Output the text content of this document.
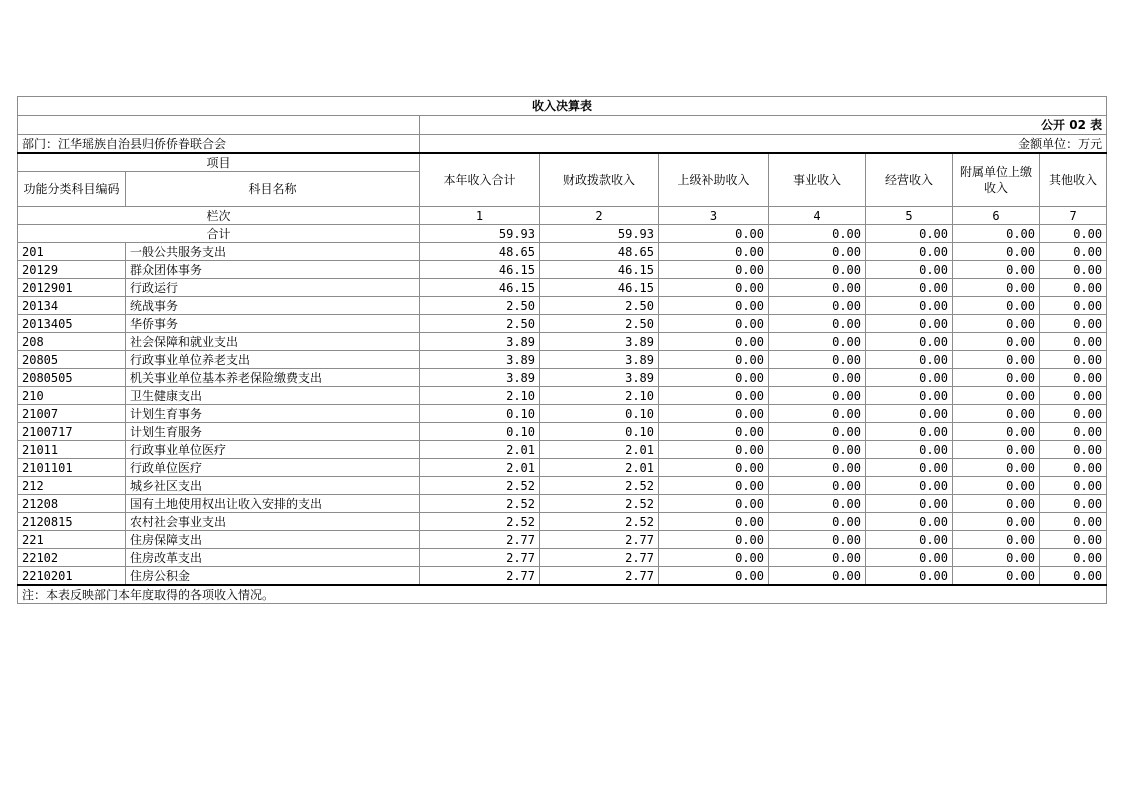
收入决算表								
		公开 02 表						
部门：江华瑶族自治县归侨侨眷联合会		金额单位：万元						
项目		本年收入合计	财政拨款收入	上级补助收入	事业收入	经营收入	附属单位上缴收入	其他收入
功能分类科目编码	科目名称							
栏次		1	2	3	4	5	6	7
合计		59.93	59.93	0.00	0.00	0.00	0.00	0.00
201	一般公共服务支出	48.65	48.65	0.00	0.00	0.00	0.00	0.00
20129	群众团体事务	46.15	46.15	0.00	0.00	0.00	0.00	0.00
2012901	行政运行	46.15	46.15	0.00	0.00	0.00	0.00	0.00
20134	统战事务	2.50	2.50	0.00	0.00	0.00	0.00	0.00
2013405	华侨事务	2.50	2.50	0.00	0.00	0.00	0.00	0.00
208	社会保障和就业支出	3.89	3.89	0.00	0.00	0.00	0.00	0.00
20805	行政事业单位养老支出	3.89	3.89	0.00	0.00	0.00	0.00	0.00
2080505	机关事业单位基本养老保险缴费支出	3.89	3.89	0.00	0.00	0.00	0.00	0.00
210	卫生健康支出	2.10	2.10	0.00	0.00	0.00	0.00	0.00
21007	计划生育事务	0.10	0.10	0.00	0.00	0.00	0.00	0.00
2100717	计划生育服务	0.10	0.10	0.00	0.00	0.00	0.00	0.00
21011	行政事业单位医疗	2.01	2.01	0.00	0.00	0.00	0.00	0.00
2101101	行政单位医疗	2.01	2.01	0.00	0.00	0.00	0.00	0.00
212	城乡社区支出	2.52	2.52	0.00	0.00	0.00	0.00	0.00
21208	国有土地使用权出让收入安排的支出	2.52	2.52	0.00	0.00	0.00	0.00	0.00
2120815	农村社会事业支出	2.52	2.52	0.00	0.00	0.00	0.00	0.00
221	住房保障支出	2.77	2.77	0.00	0.00	0.00	0.00	0.00
22102	住房改革支出	2.77	2.77	0.00	0.00	0.00	0.00	0.00
2210201	住房公积金	2.77	2.77	0.00	0.00	0.00	0.00	0.00
注：本表反映部门本年度取得的各项收入情况。								
